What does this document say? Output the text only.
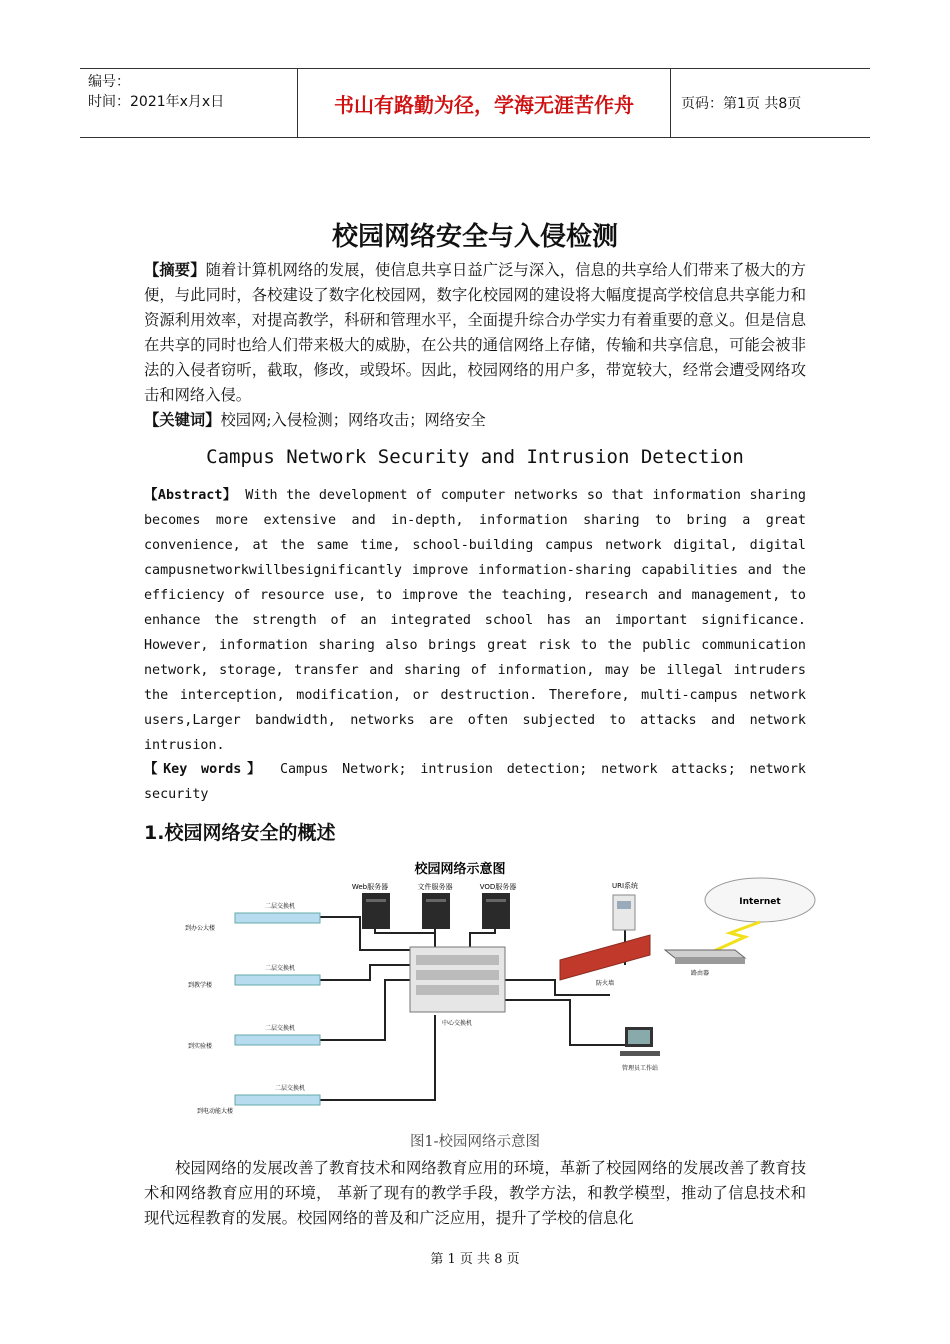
编号：
时间：2021年x月x日	书山有路勤为径，学海无涯苦作舟	页码：第1页 共8页
校园网络安全与入侵检测
【摘要】随着计算机网络的发展，使信息共享日益广泛与深入，信息的共享给人们带来了极大的方便，与此同时，各校建设了数字化校园网，数字化校园网的建设将大幅度提高学校信息共享能力和资源利用效率，对提高教学，科研和管理水平，全面提升综合办学实力有着重要的意义。但是信息在共享的同时也给人们带来极大的威胁，在公共的通信网络上存储，传输和共享信息，可能会被非法的入侵者窃听，截取，修改，或毁坏。因此，校园网络的用户多，带宽较大，经常会遭受网络攻击和网络入侵。
【关键词】校园网;入侵检测；网络攻击；网络安全
Campus Network Security and Intrusion Detection
【Abstract】 With the development of computer networks so that information sharing becomes more extensive and in-depth, information sharing to bring a great convenience, at the same time, school-building campus network digital, digital campusnetworkwillbesignificantly improve information-sharing capabilities and the efficiency of resource use, to improve the teaching, research and management, to enhance the strength of an integrated school has an important significance. However, information sharing also brings great risk to the public communication network, storage, transfer and sharing of information, may be illegal intruders the interception, modification, or destruction. Therefore, multi-campus network users,Larger bandwidth, networks are often subjected to attacks and network intrusion.
【Key words】 Campus Network; intrusion detection; network attacks; network security
1.校园网络安全的概述
校园网络示意图
Web服务器	文件服务器	VOD服务器	URI系统
Internet
防火墙
路由器
中心交换机
管理员工作站
二层交换机
到办公大楼
二层交换机
到教学楼
二层交换机
到实验楼
二层交换机
到电动能大楼
图1-校园网络示意图
校园网络的发展改善了教育技术和网络教育应用的环境，革新了校园网络的发展改善了教育技术和网络教育应用的环境， 革新了现有的教学手段，教学方法，和教学模型，推动了信息技术和现代远程教育的发展。校园网络的普及和广泛应用，提升了学校的信息化
第 1 页 共 8 页
